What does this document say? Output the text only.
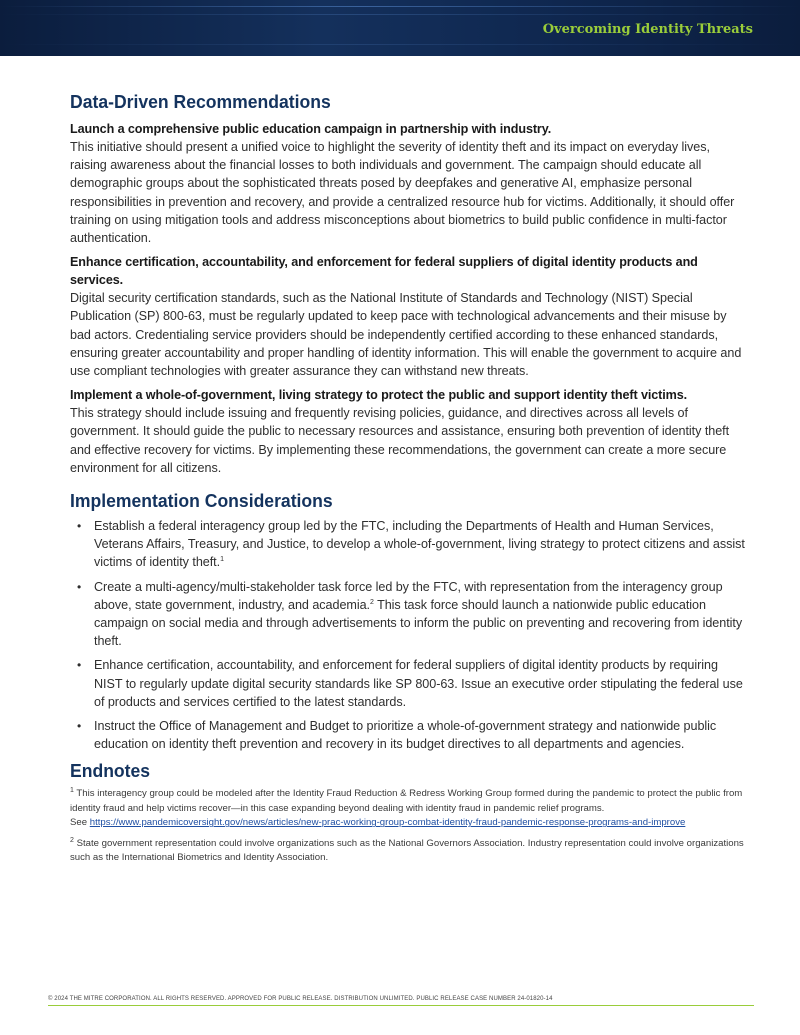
Overcoming Identity Threats
Data-Driven Recommendations
Launch a comprehensive public education campaign in partnership with industry.
This initiative should present a unified voice to highlight the severity of identity theft and its impact on everyday lives, raising awareness about the financial losses to both individuals and government. The campaign should educate all demographic groups about the sophisticated threats posed by deepfakes and generative AI, emphasize personal responsibilities in prevention and recovery, and provide a centralized resource hub for victims. Additionally, it should offer training on using mitigation tools and address misconceptions about biometrics to build public confidence in multi-factor authentication.
Enhance certification, accountability, and enforcement for federal suppliers of digital identity products and services.
Digital security certification standards, such as the National Institute of Standards and Technology (NIST) Special Publication (SP) 800-63, must be regularly updated to keep pace with technological advancements and their misuse by bad actors. Credentialing service providers should be independently certified according to these enhanced standards, ensuring greater accountability and proper handling of identity information. This will enable the government to acquire and use compliant technologies with greater assurance they can withstand new threats.
Implement a whole-of-government, living strategy to protect the public and support identity theft victims.
This strategy should include issuing and frequently revising policies, guidance, and directives across all levels of government. It should guide the public to necessary resources and assistance, ensuring both prevention of identity theft and effective recovery for victims. By implementing these recommendations, the government can create a more secure environment for all citizens.
Implementation Considerations
• Establish a federal interagency group led by the FTC, including the Departments of Health and Human Services, Veterans Affairs, Treasury, and Justice, to develop a whole-of-government, living strategy to protect citizens and assist victims of identity theft.$^1$
• Create a multi-agency/multi-stakeholder task force led by the FTC, with representation from the interagency group above, state government, industry, and academia.$^2$ This task force should launch a nationwide public education campaign on social media and through advertisements to inform the public on preventing and recovering from identity theft.
• Enhance certification, accountability, and enforcement for federal suppliers of digital identity products by requiring NIST to regularly update digital security standards like SP 800-63. Issue an executive order stipulating the federal use of products and services certified to the latest standards.
• Instruct the Office of Management and Budget to prioritize a whole-of-government strategy and nationwide public education on identity theft prevention and recovery in its budget directives to all departments and agencies.
Endnotes
$^1$ This interagency group could be modeled after the Identity Fraud Reduction & Redress Working Group formed during the pandemic to protect the public from identity fraud and help victims recover—in this case expanding beyond dealing with identity fraud in pandemic relief programs.
See https://www.pandemicoversight.gov/news/articles/new-prac-working-group-combat-identity-fraud-pandemic-response-programs-and-improve
$^2$ State government representation could involve organizations such as the National Governors Association. Industry representation could involve organizations such as the International Biometrics and Identity Association.
© 2024 THE MITRE CORPORATION. ALL RIGHTS RESERVED. APPROVED FOR PUBLIC RELEASE. DISTRIBUTION UNLIMITED. PUBLIC RELEASE CASE NUMBER 24-01820-14
